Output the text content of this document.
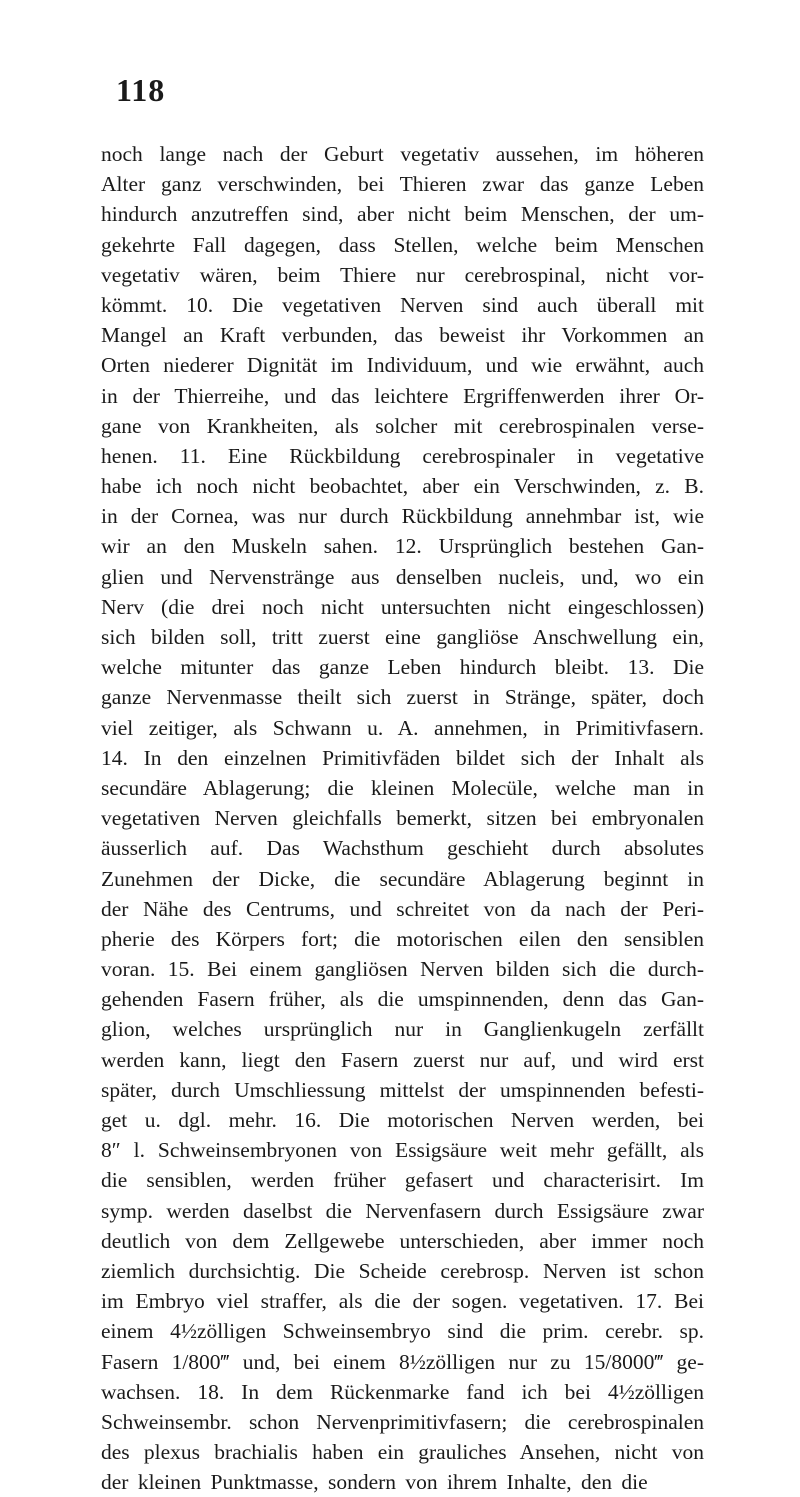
118
noch lange nach der Geburt vegetativ aussehen, im höheren
Alter ganz verschwinden, bei Thieren zwar das ganze Leben
hindurch anzutreffen sind, aber nicht beim Menschen, der um-
gekehrte Fall dagegen, dass Stellen, welche beim Menschen
vegetativ wären, beim Thiere nur cerebrospinal, nicht vor-
kömmt. 10. Die vegetativen Nerven sind auch überall mit
Mangel an Kraft verbunden, das beweist ihr Vorkommen an
Orten niederer Dignität im Individuum, und wie erwähnt, auch
in der Thierreihe, und das leichtere Ergriffenwerden ihrer Or-
gane von Krankheiten, als solcher mit cerebrospinalen verse-
henen. 11. Eine Rückbildung cerebrospinaler in vegetative
habe ich noch nicht beobachtet, aber ein Verschwinden, z. B.
in der Cornea, was nur durch Rückbildung annehmbar ist, wie
wir an den Muskeln sahen. 12. Ursprünglich bestehen Gan-
glien und Nervenstränge aus denselben nucleis, und, wo ein
Nerv (die drei noch nicht untersuchten nicht eingeschlossen)
sich bilden soll, tritt zuerst eine gangliöse Anschwellung ein,
welche mitunter das ganze Leben hindurch bleibt. 13. Die
ganze Nervenmasse theilt sich zuerst in Stränge, später, doch
viel zeitiger, als Schwann u. A. annehmen, in Primitivfasern.
14. In den einzelnen Primitivfäden bildet sich der Inhalt als
secundäre Ablagerung; die kleinen Molecüle, welche man in
vegetativen Nerven gleichfalls bemerkt, sitzen bei embryonalen
äusserlich auf. Das Wachsthum geschieht durch absolutes
Zunehmen der Dicke, die secundäre Ablagerung beginnt in
der Nähe des Centrums, und schreitet von da nach der Peri-
pherie des Körpers fort; die motorischen eilen den sensiblen
voran. 15. Bei einem gangliösen Nerven bilden sich die durch-
gehenden Fasern früher, als die umspinnenden, denn das Gan-
glion, welches ursprünglich nur in Ganglienkugeln zerfällt
werden kann, liegt den Fasern zuerst nur auf, und wird erst
später, durch Umschliessung mittelst der umspinnenden befesti-
get u. dgl. mehr. 16. Die motorischen Nerven werden, bei
8″ l. Schweinsembryonen von Essigsäure weit mehr gefällt, als
die sensiblen, werden früher gefasert und characterisirt. Im
symp. werden daselbst die Nervenfasern durch Essigsäure zwar
deutlich von dem Zellgewebe unterschieden, aber immer noch
ziemlich durchsichtig. Die Scheide cerebrosp. Nerven ist schon
im Embryo viel straffer, als die der sogen. vegetativen. 17. Bei
einem 4½zölligen Schweinsembryo sind die prim. cerebr. sp.
Fasern 1/800‴ und, bei einem 8½zölligen nur zu 15/8000‴ ge-
wachsen. 18. In dem Rückenmarke fand ich bei 4½zölligen
Schweinsembr. schon Nervenprimitivfasern; die cerebrospinalen
des plexus brachialis haben ein grauliches Ansehen, nicht von
der kleinen Punktmasse, sondern von ihrem Inhalte, den die
